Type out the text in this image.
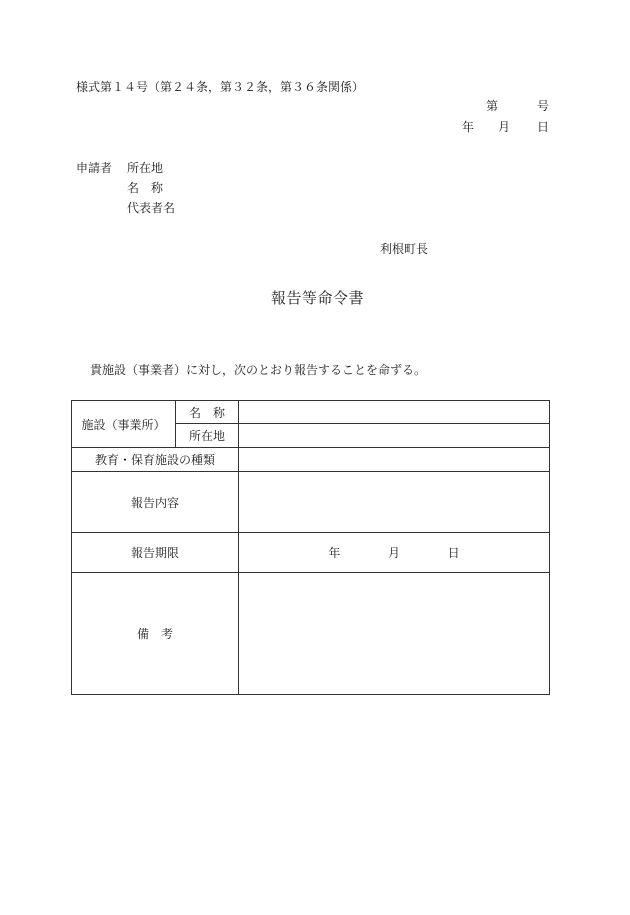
様式第１４号（第２４条，第３２条，第３６条関係）
第	号
年 月 日
申請者 所在地
名　称
代表者名
利根町長
報告等命令書
貴施設（事業者）に対し，次のとおり報告することを命ずる。
施設（事業所）	名　称	
	所在地	
教育・保育施設の種類		
報告内容		
報告期限		年 月 日
備　考		
